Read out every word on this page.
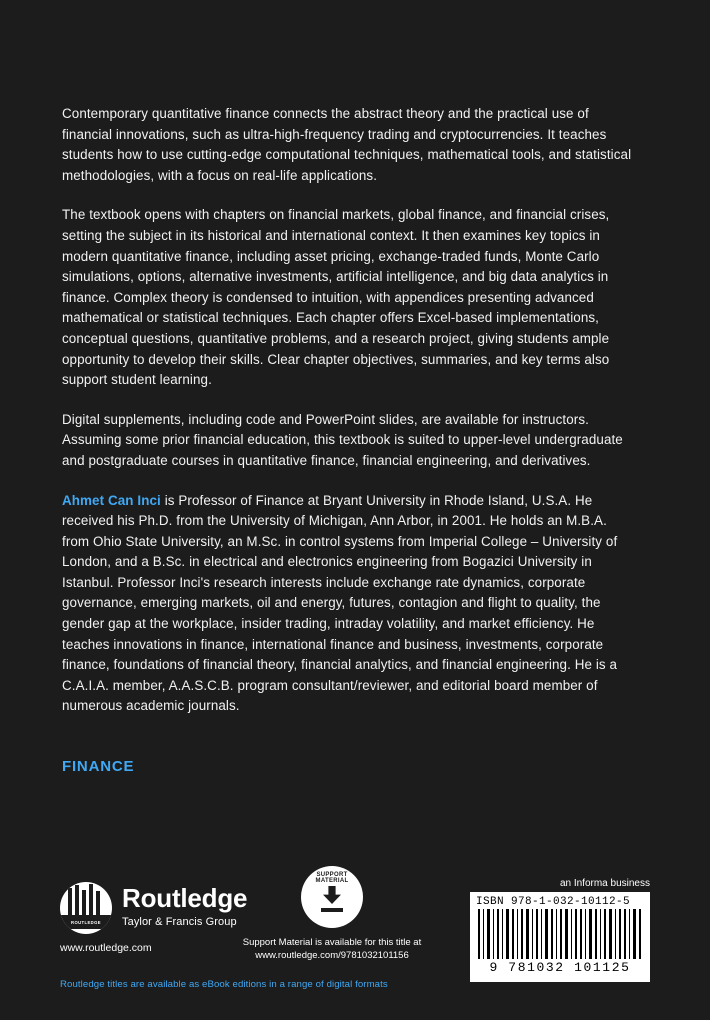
Contemporary quantitative finance connects the abstract theory and the practical use of financial innovations, such as ultra-high-frequency trading and cryptocurrencies. It teaches students how to use cutting-edge computational techniques, mathematical tools, and statistical methodologies, with a focus on real-life applications.

The textbook opens with chapters on financial markets, global finance, and financial crises, setting the subject in its historical and international context. It then examines key topics in modern quantitative finance, including asset pricing, exchange-traded funds, Monte Carlo simulations, options, alternative investments, artificial intelligence, and big data analytics in finance. Complex theory is condensed to intuition, with appendices presenting advanced mathematical or statistical techniques. Each chapter offers Excel-based implementations, conceptual questions, quantitative problems, and a research project, giving students ample opportunity to develop their skills. Clear chapter objectives, summaries, and key terms also support student learning.

Digital supplements, including code and PowerPoint slides, are available for instructors. Assuming some prior financial education, this textbook is suited to upper-level undergraduate and postgraduate courses in quantitative finance, financial engineering, and derivatives.

Ahmet Can Inci is Professor of Finance at Bryant University in Rhode Island, U.S.A. He received his Ph.D. from the University of Michigan, Ann Arbor, in 2001. He holds an M.B.A. from Ohio State University, an M.Sc. in control systems from Imperial College – University of London, and a B.Sc. in electrical and electronics engineering from Bogazici University in Istanbul. Professor Inci's research interests include exchange rate dynamics, corporate governance, emerging markets, oil and energy, futures, contagion and flight to quality, the gender gap at the workplace, insider trading, intraday volatility, and market efficiency. He teaches innovations in finance, international finance and business, investments, corporate finance, foundations of financial theory, financial analytics, and financial engineering. He is a C.A.I.A. member, A.A.S.C.B. program consultant/reviewer, and editorial board member of numerous academic journals.

FINANCE
ROUTLEDGE
Routledge
Taylor & Francis Group
www.routledge.com
SUPPORT MATERIAL
Support Material is available for this title at
www.routledge.com/9781032101156
an Informa business
ISBN 978-1-032-10112-5
9 781032 101125
Routledge titles are available as eBook editions in a range of digital formats
